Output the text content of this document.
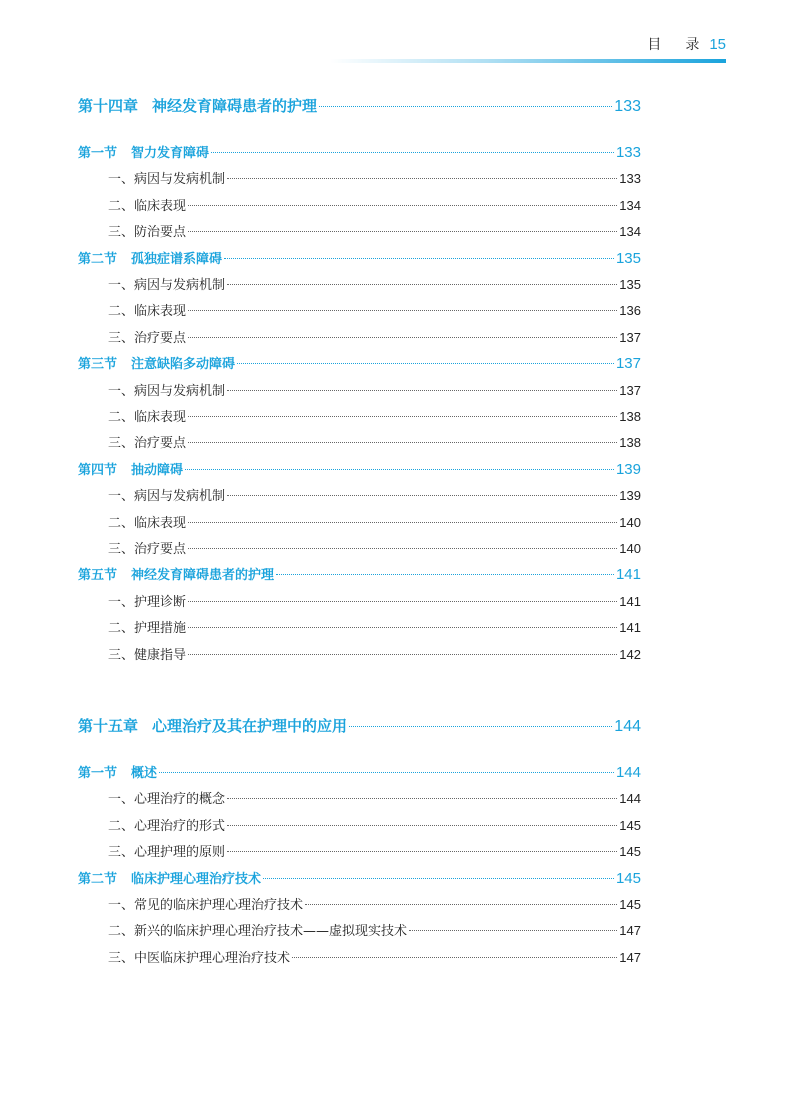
目 录 15
第十四章 神经发育障碍患者的护理	133
第一节 智力发育障碍	133
一、病因与发病机制	133
二、临床表现	134
三、防治要点	134
第二节 孤独症谱系障碍	135
一、病因与发病机制	135
二、临床表现	136
三、治疗要点	137
第三节 注意缺陷多动障碍	137
一、病因与发病机制	137
二、临床表现	138
三、治疗要点	138
第四节 抽动障碍	139
一、病因与发病机制	139
二、临床表现	140
三、治疗要点	140
第五节 神经发育障碍患者的护理	141
一、护理诊断	141
二、护理措施	141
三、健康指导	142
第十五章 心理治疗及其在护理中的应用	144
第一节 概述	144
一、心理治疗的概念	144
二、心理治疗的形式	145
三、心理护理的原则	145
第二节 临床护理心理治疗技术	145
一、常见的临床护理心理治疗技术	145
二、新兴的临床护理心理治疗技术——虚拟现实技术	147
三、中医临床护理心理治疗技术	147
